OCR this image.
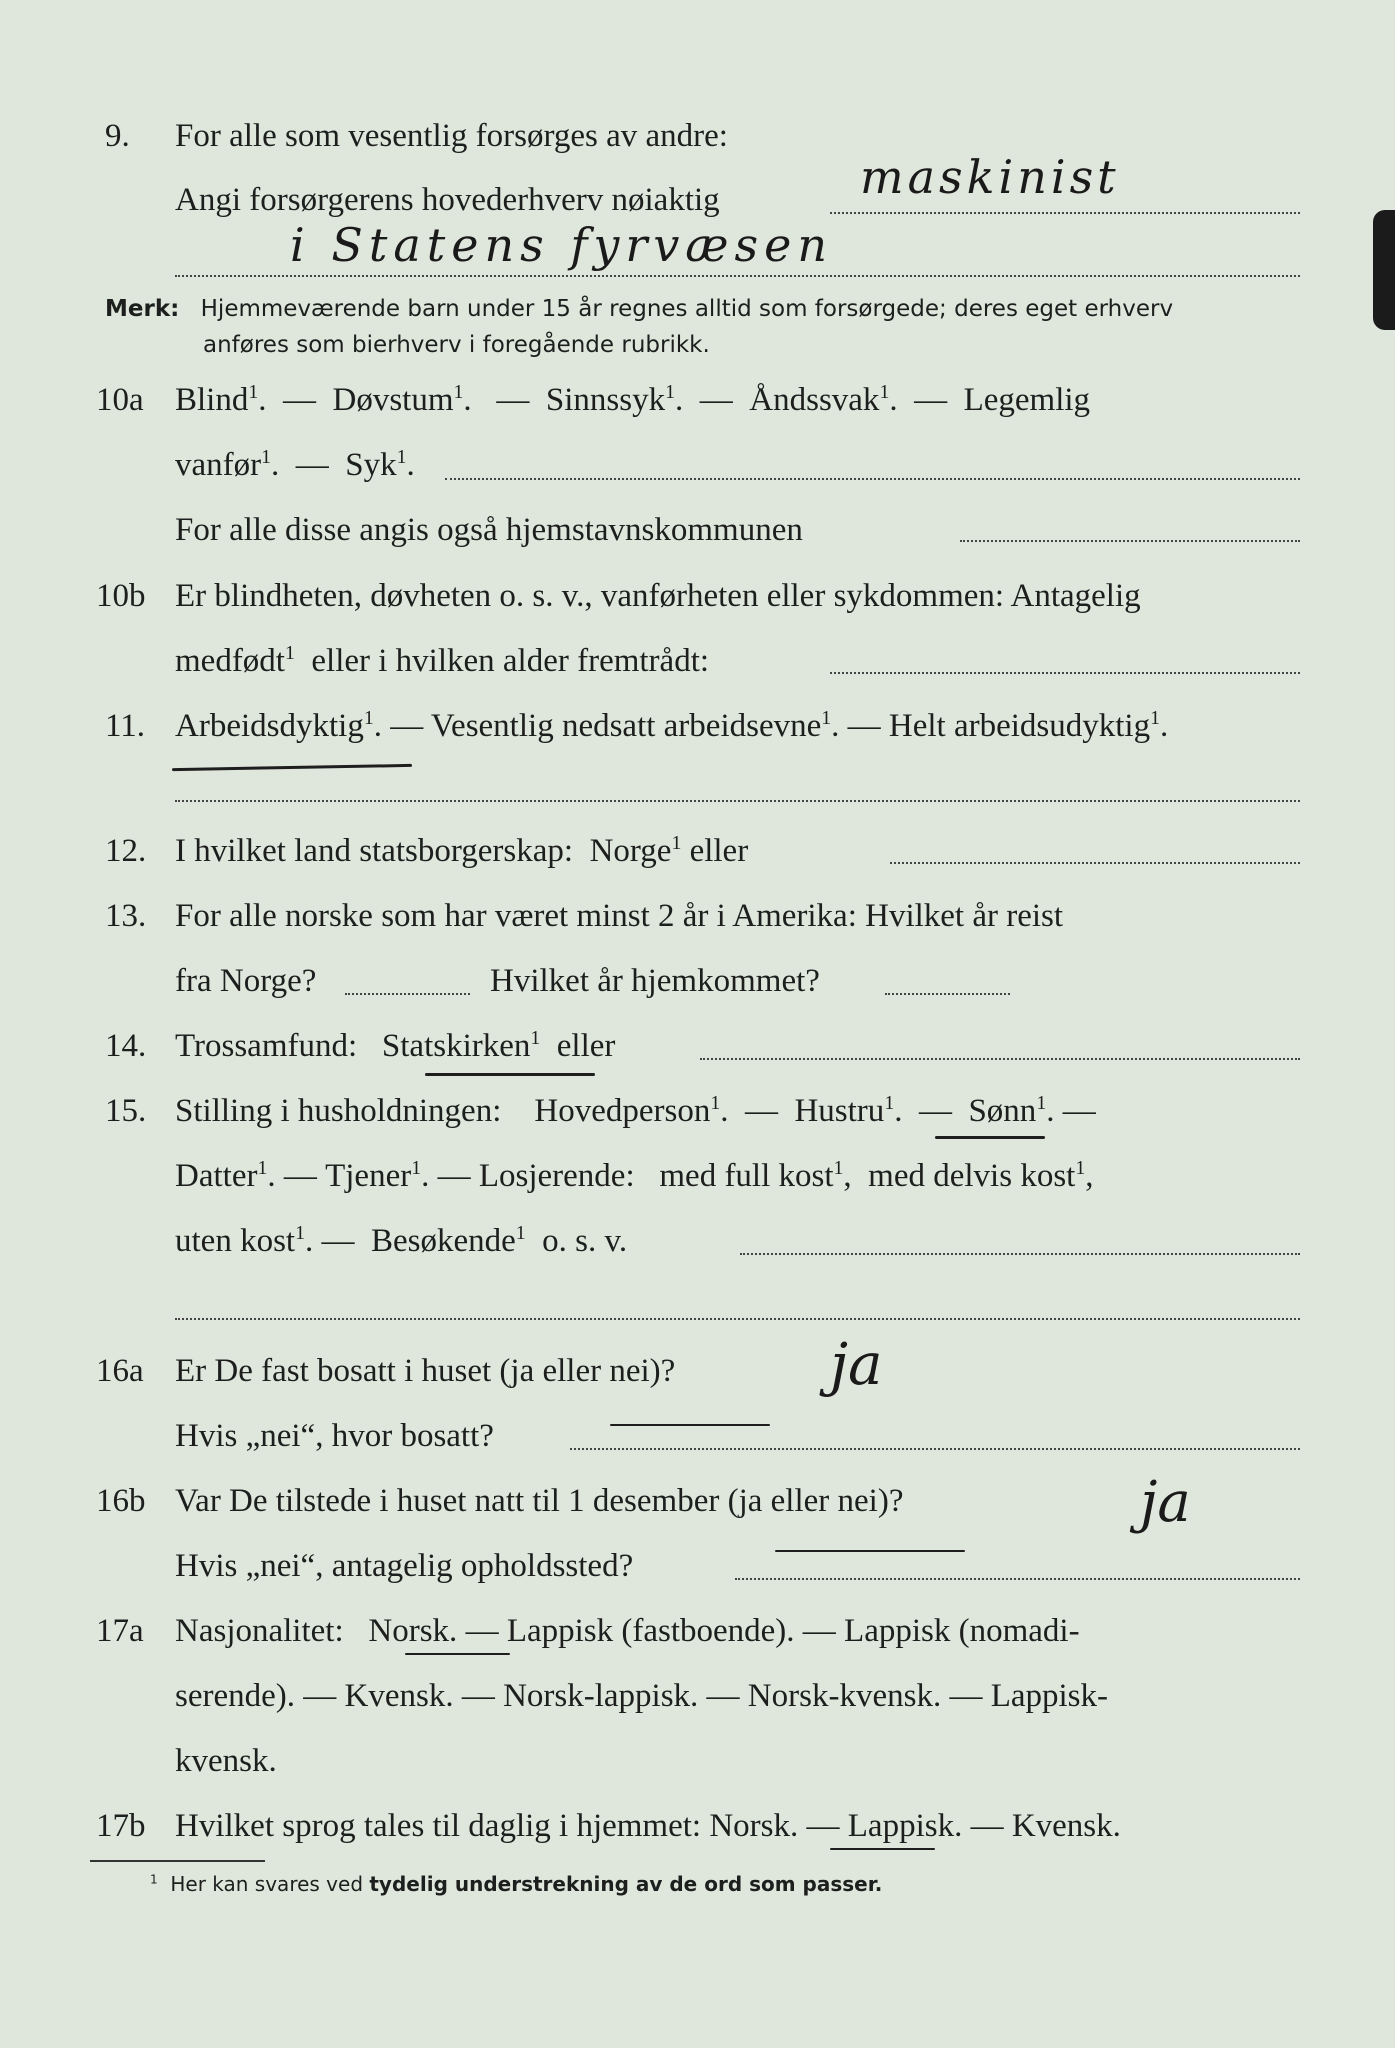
9. For alle som vesentlig forsørges av andre:
Angi forsørgerens hovederhverv nøiaktig	maskinist
i Statens fyrvæsen
Merk: Hjemmeværende barn under 15 år regnes alltid som forsørgede; deres eget erhverv
anføres som bierhverv i foregående rubrikk.
10a Blind$^1$.  —  Døvstum$^1$.   —  Sinnssyk$^1$.  —  Åndssvak$^1$.  —  Legemlig
vanfør$^1$.  —  Syk$^1$.
For alle disse angis også hjemstavnskommunen
10b Er blindheten, døvheten o. s. v., vanførheten eller sykdommen: Antagelig
medfødt$^1$ eller i hvilken alder fremtrådt:
11. Arbeidsdyktig$^1$. — Vesentlig nedsatt arbeidsevne$^1$. — Helt arbeidsudyktig$^1$.
12. I hvilket land statsborgerskap: Norge$^1$ eller
13. For alle norske som har været minst 2 år i Amerika: Hvilket år reist
fra Norge?	Hvilket år hjemkommet?
14. Trossamfund: Statskirken$^1$ eller
15. Stilling i husholdningen: Hovedperson$^1$.  —  Hustru$^1$.  —  Sønn$^1$. —
Datter$^1$. — Tjener$^1$. — Losjerende: med full kost$^1$,  med delvis kost$^1$,
uten kost$^1$. —  Besøkende$^1$ o. s. v.
16a Er De fast bosatt i huset (ja eller nei)?	ja
Hvis „nei“, hvor bosatt?
16b Var De tilstede i huset natt til 1 desember (ja eller nei)?	ja
Hvis „nei“, antagelig opholdssted?
17a Nasjonalitet: Norsk. — Lappisk (fastboende). — Lappisk (nomadi-
serende). — Kvensk. — Norsk-lappisk. — Norsk-kvensk. — Lappisk-
kvensk.
17b Hvilket sprog tales til daglig i hjemmet: Norsk. — Lappisk. — Kvensk.
$^1$ Her kan svares ved tydelig understrekning av de ord som passer.
